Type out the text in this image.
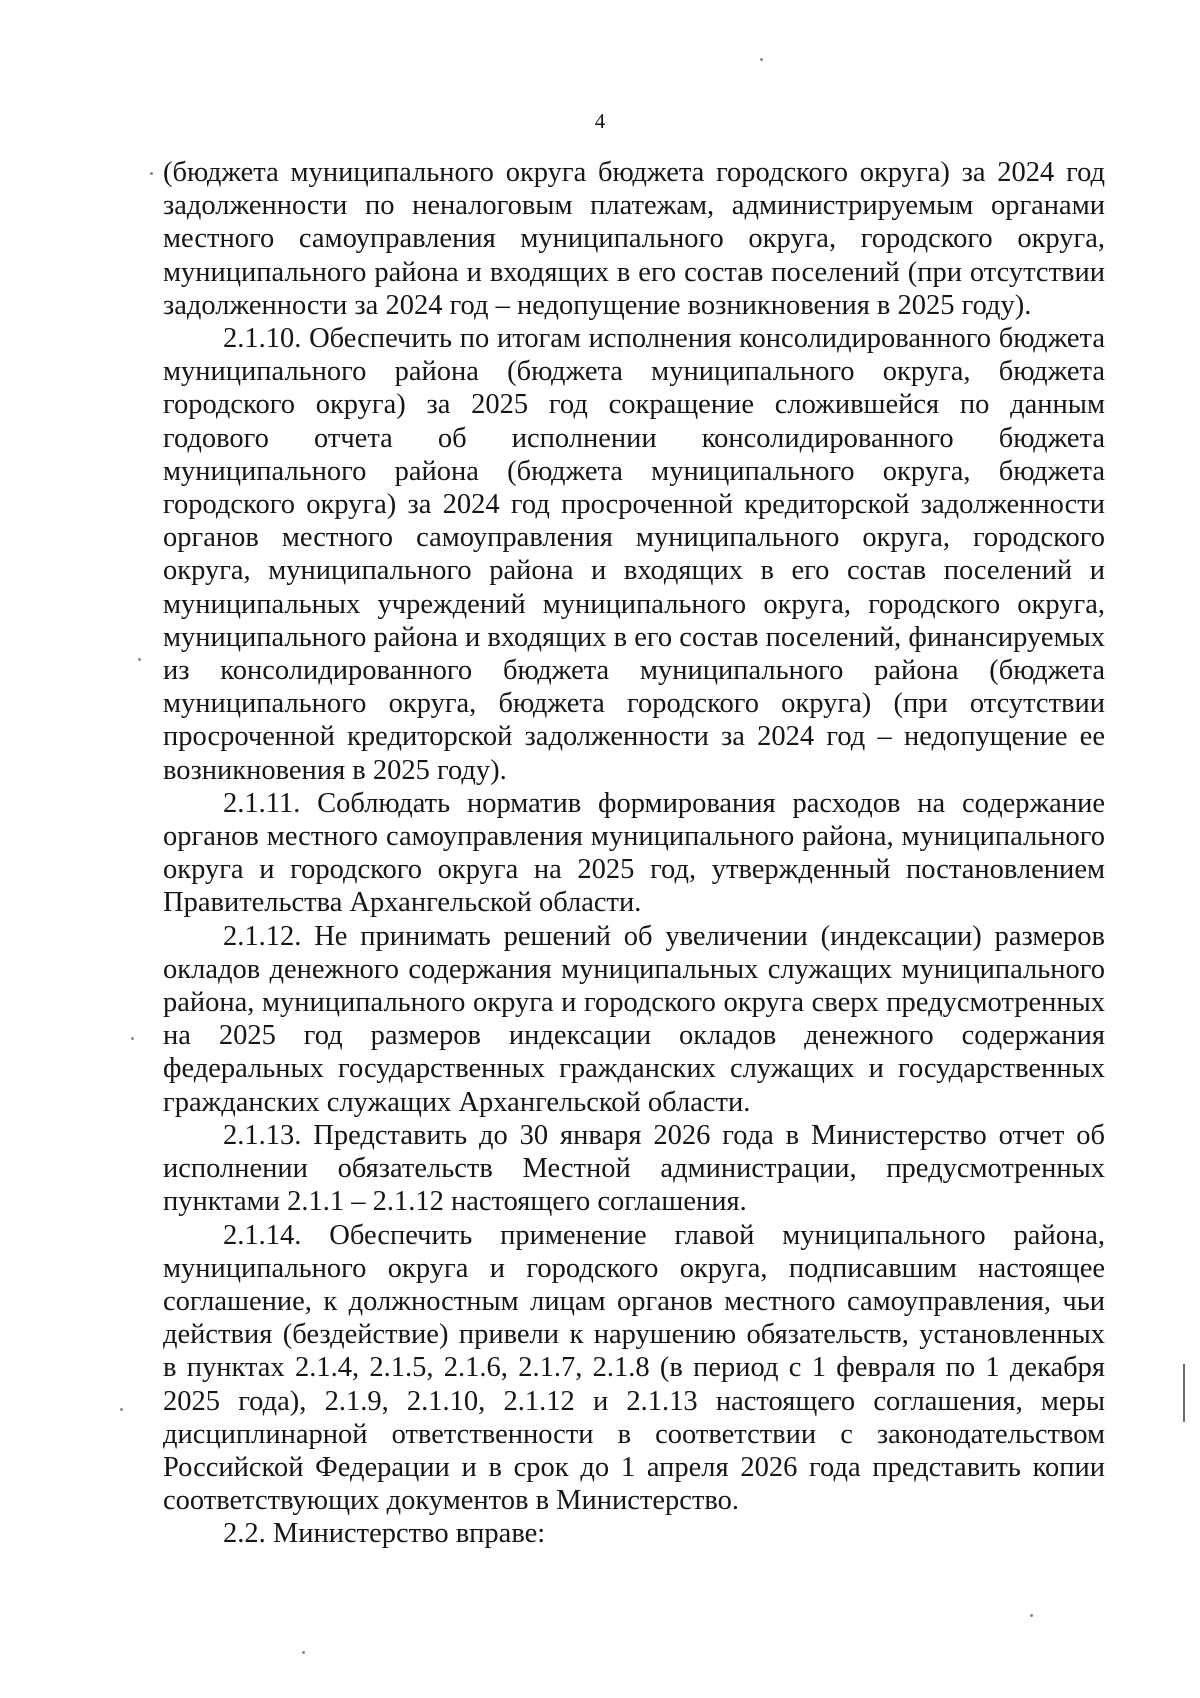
4

(бюджета муниципального округа бюджета городского округа) за 2024 год задолженности по неналоговым платежам, администрируемым органами местного самоуправления муниципального округа, городского округа, муниципального района и входящих в его состав поселений (при отсутствии задолженности за 2024 год – недопущение возникновения в 2025 году).

2.1.10. Обеспечить по итогам исполнения консолидированного бюджета муниципального района (бюджета муниципального округа, бюджета городского округа) за 2025 год сокращение сложившейся по данным годового отчета об исполнении консолидированного бюджета муниципального района (бюджета муниципального округа, бюджета городского округа) за 2024 год просроченной кредиторской задолженности органов местного самоуправления муниципального округа, городского округа, муниципального района и входящих в его состав поселений и муниципальных учреждений муниципального округа, городского округа, муниципального района и входящих в его состав поселений, финансируемых из консолидированного бюджета муниципального района (бюджета муниципального округа, бюджета городского округа) (при отсутствии просроченной кредиторской задолженности за 2024 год – недопущение ее возникновения в 2025 году).

2.1.11. Соблюдать норматив формирования расходов на содержание органов местного самоуправления муниципального района, муниципального округа и городского округа на 2025 год, утвержденный постановлением Правительства Архангельской области.

2.1.12. Не принимать решений об увеличении (индексации) размеров окладов денежного содержания муниципальных служащих муниципального района, муниципального округа и городского округа сверх предусмотренных на 2025 год размеров индексации окладов денежного содержания федеральных государственных гражданских служащих и государственных гражданских служащих Архангельской области.

2.1.13. Представить до 30 января 2026 года в Министерство отчет об исполнении обязательств Местной администрации, предусмотренных пунктами 2.1.1 – 2.1.12 настоящего соглашения.

2.1.14. Обеспечить применение главой муниципального района, муниципального округа и городского округа, подписавшим настоящее соглашение, к должностным лицам органов местного самоуправления, чьи действия (бездействие) привели к нарушению обязательств, установленных в пунктах 2.1.4, 2.1.5, 2.1.6, 2.1.7, 2.1.8 (в период с 1 февраля по 1 декабря 2025 года), 2.1.9, 2.1.10, 2.1.12 и 2.1.13 настоящего соглашения, меры дисциплинарной ответственности в соответствии с законодательством Российской Федерации и в срок до 1 апреля 2026 года представить копии соответствующих документов в Министерство.

2.2. Министерство вправе:
